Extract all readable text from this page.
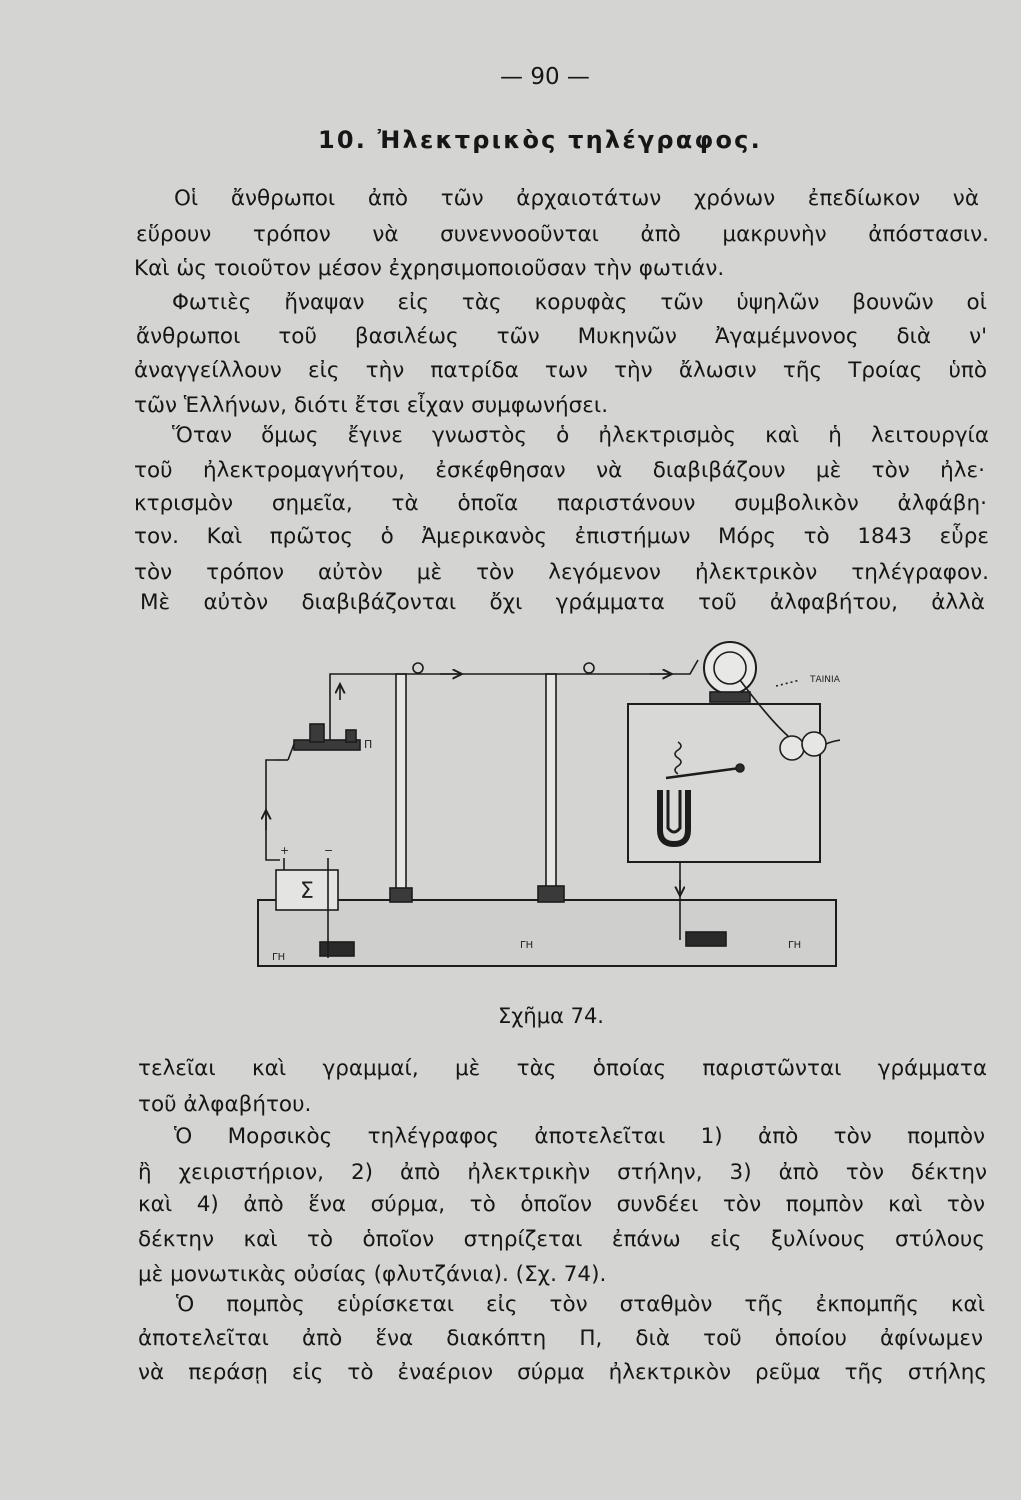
— 90 —
10. Ἠλεκτρικὸς τηλέγραφος.
Οἱ ἄνθρωποι ἀπὸ τῶν ἀρχαιοτάτων χρόνων ἐπεδίωκον νὰ
εὕρουν τρόπον νὰ συνεννοοῦνται ἀπὸ μακρυνὴν ἀπόστασιν.
Καὶ ὡς τοιοῦτον μέσον ἐχρησιμοποιοῦσαν τὴν φωτιάν.
Φωτιὲς ἤναψαν εἰς τὰς κορυφὰς τῶν ὑψηλῶν βουνῶν οἱ
ἄνθρωποι τοῦ βασιλέως τῶν Μυκηνῶν Ἀγαμέμνονος διὰ ν'
ἀναγγείλλουν εἰς τὴν πατρίδα των τὴν ἄλωσιν τῆς Τροίας ὑπὸ
τῶν Ἑλλήνων, διότι ἔτσι εἶχαν συμφωνήσει.
Ὅταν ὅμως ἔγινε γνωστὸς ὁ ἠλεκτρισμὸς καὶ ἡ λειτουργία
τοῦ ἠλεκτρομαγνήτου, ἐσκέφθησαν νὰ διαβιβάζουν μὲ τὸν ἠλε·
κτρισμὸν σημεῖα, τὰ ὁποῖα παριστάνουν συμβολικὸν ἀλφάβη·
τον. Καὶ πρῶτος ὁ Ἀμερικανὸς ἐπιστήμων Μόρς τὸ 1843 εὗρε
τὸν τρόπον αὐτὸν μὲ τὸν λεγόμενον ἠλεκτρικὸν τηλέγραφον.
Μὲ αὐτὸν διαβιβάζονται ὄχι γράμματα τοῦ ἀλφαβήτου, ἀλλὰ
Σ
Π
+	−
ΤΑΙΝΙΑ
ΓΗ
ΓΗ	ΓΗ
Σχῆμα 74.
τελεῖαι καὶ γραμμαί, μὲ τὰς ὁποίας παριστῶνται γράμματα
τοῦ ἀλφαβήτου.
Ὁ Μορσικὸς τηλέγραφος ἀποτελεῖται 1) ἀπὸ τὸν πομπὸν
ἢ χειριστήριον, 2) ἀπὸ ἠλεκτρικὴν στήλην, 3) ἀπὸ τὸν δέκτην
καὶ 4) ἀπὸ ἕνα σύρμα, τὸ ὁποῖον συνδέει τὸν πομπὸν καὶ τὸν
δέκτην καὶ τὸ ὁποῖον στηρίζεται ἐπάνω εἰς ξυλίνους στύλους
μὲ μονωτικὰς οὐσίας (φλυτζάνια). (Σχ. 74).
Ὁ πομπὸς εὑρίσκεται εἰς τὸν σταθμὸν τῆς ἐκπομπῆς καὶ
ἀποτελεῖται ἀπὸ ἕνα διακόπτη Π, διὰ τοῦ ὁποίου ἀφίνωμεν
νὰ περάσῃ εἰς τὸ ἐναέριον σύρμα ἠλεκτρικὸν ρεῦμα τῆς στήλης
